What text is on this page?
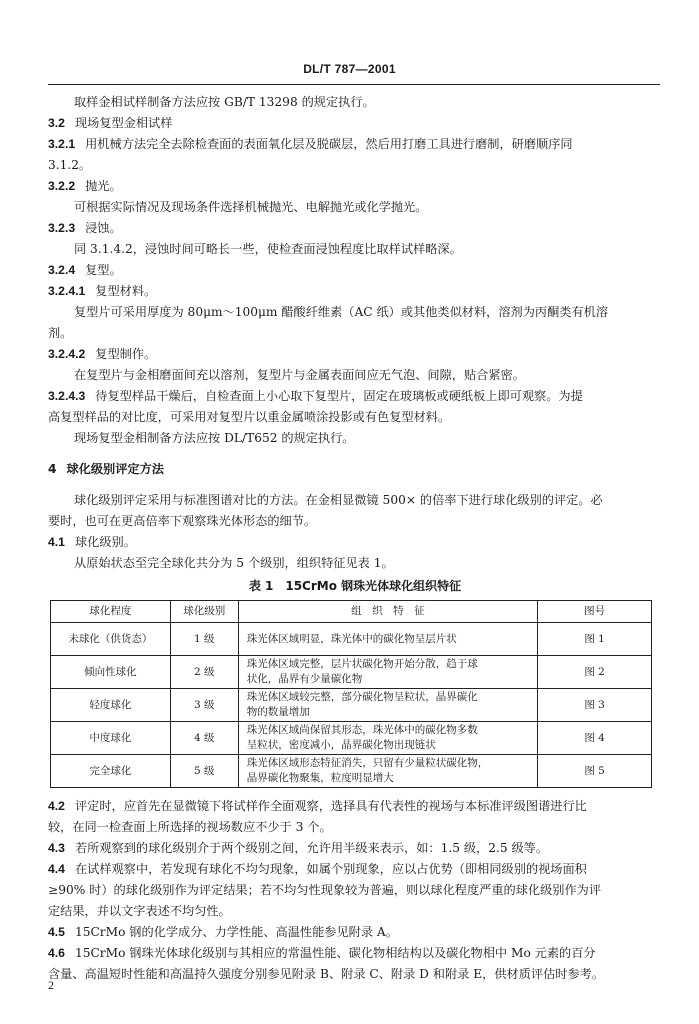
DL/T 787—2001
取样金相试样制备方法应按 GB/T 13298 的规定执行。
3.2 现场复型金相试样
3.2.1 用机械方法完全去除检查面的表面氧化层及脱碳层，然后用打磨工具进行磨制，研磨顺序同
3.1.2。
3.2.2 抛光。
可根据实际情况及现场条件选择机械抛光、电解抛光或化学抛光。
3.2.3 浸蚀。
同 3.1.4.2，浸蚀时间可略长一些，使检查面浸蚀程度比取样试样略深。
3.2.4 复型。
3.2.4.1 复型材料。
复型片可采用厚度为 80μm～100μm 醋酸纤维素（AC 纸）或其他类似材料，溶剂为丙酮类有机溶
剂。
3.2.4.2 复型制作。
在复型片与金相磨面间充以溶剂，复型片与金属表面间应无气泡、间隙，贴合紧密。
3.2.4.3 待复型样品干燥后，自检查面上小心取下复型片，固定在玻璃板或硬纸板上即可观察。为提
高复型样品的对比度，可采用对复型片以重金属喷涂投影或有色复型材料。
现场复型金相制备方法应按 DL/T652 的规定执行。
4 球化级别评定方法
球化级别评定采用与标准图谱对比的方法。在金相显微镜 500× 的倍率下进行球化级别的评定。必
要时，也可在更高倍率下观察珠光体形态的细节。
4.1 球化级别。
从原始状态至完全球化共分为 5 个级别，组织特征见表 1。
表 1　15CrMo 钢珠光体球化组织特征
球化程度	球化级别	组　织　特　征	图号
未球化（供货态）	1 级	珠光体区域明显，珠光体中的碳化物呈层片状	图 1
倾向性球化	2 级	珠光体区域完整，层片状碳化物开始分散，趋于球
状化，晶界有少量碳化物	图 2
轻度球化	3 级	珠光体区域较完整，部分碳化物呈粒状，晶界碳化
物的数量增加	图 3
中度球化	4 级	珠光体区域尚保留其形态，珠光体中的碳化物多数
呈粒状，密度减小，晶界碳化物出现链状	图 4
完全球化	5 级	珠光体区域形态特征消失，只留有少量粒状碳化物，
晶界碳化物聚集，粒度明显增大	图 5
4.2 评定时，应首先在显微镜下将试样作全面观察，选择具有代表性的视场与本标准评级图谱进行比
较，在同一检查面上所选择的视场数应不少于 3 个。
4.3 若所观察到的球化级别介于两个级别之间，允许用半级来表示，如：1.5 级，2.5 级等。
4.4 在试样观察中，若发现有球化不均匀现象，如属个别现象，应以占优势（即相同级别的视场面积
≥90% 时）的球化级别作为评定结果；若不均匀性现象较为普遍，则以球化程度严重的球化级别作为评
定结果，并以文字表述不均匀性。
4.5 15CrMo 钢的化学成分、力学性能、高温性能参见附录 A。
4.6 15CrMo 钢珠光体球化级别与其相应的常温性能、碳化物相结构以及碳化物相中 Mo 元素的百分
含量、高温短时性能和高温持久强度分别参见附录 B、附录 C、附录 D 和附录 E，供材质评估时参考。
2
